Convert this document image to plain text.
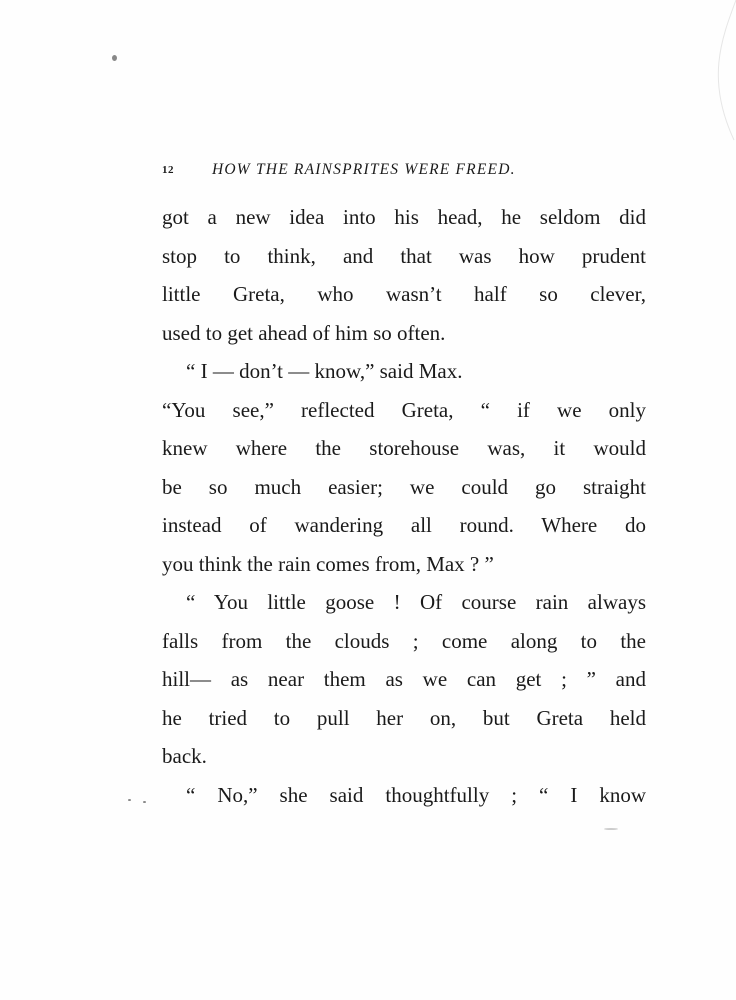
12 HOW THE RAINSPRITES WERE FREED.
got a new idea into his head, he seldom did
stop to think, and that was how prudent
little Greta, who wasn’t half so clever,
used to get ahead of him so often.
“ I — don’t — know,” said Max.
“You see,” reflected Greta, “ if we only
knew where the storehouse was, it would
be so much easier; we could go straight
instead of wandering all round. Where do
you think the rain comes from, Max ? ”
“ You little goose ! Of course rain always
falls from the clouds ; come along to the
hill— as near them as we can get ; ” and
he tried to pull her on, but Greta held
back.
“ No,” she said thoughtfully ; “ I know
